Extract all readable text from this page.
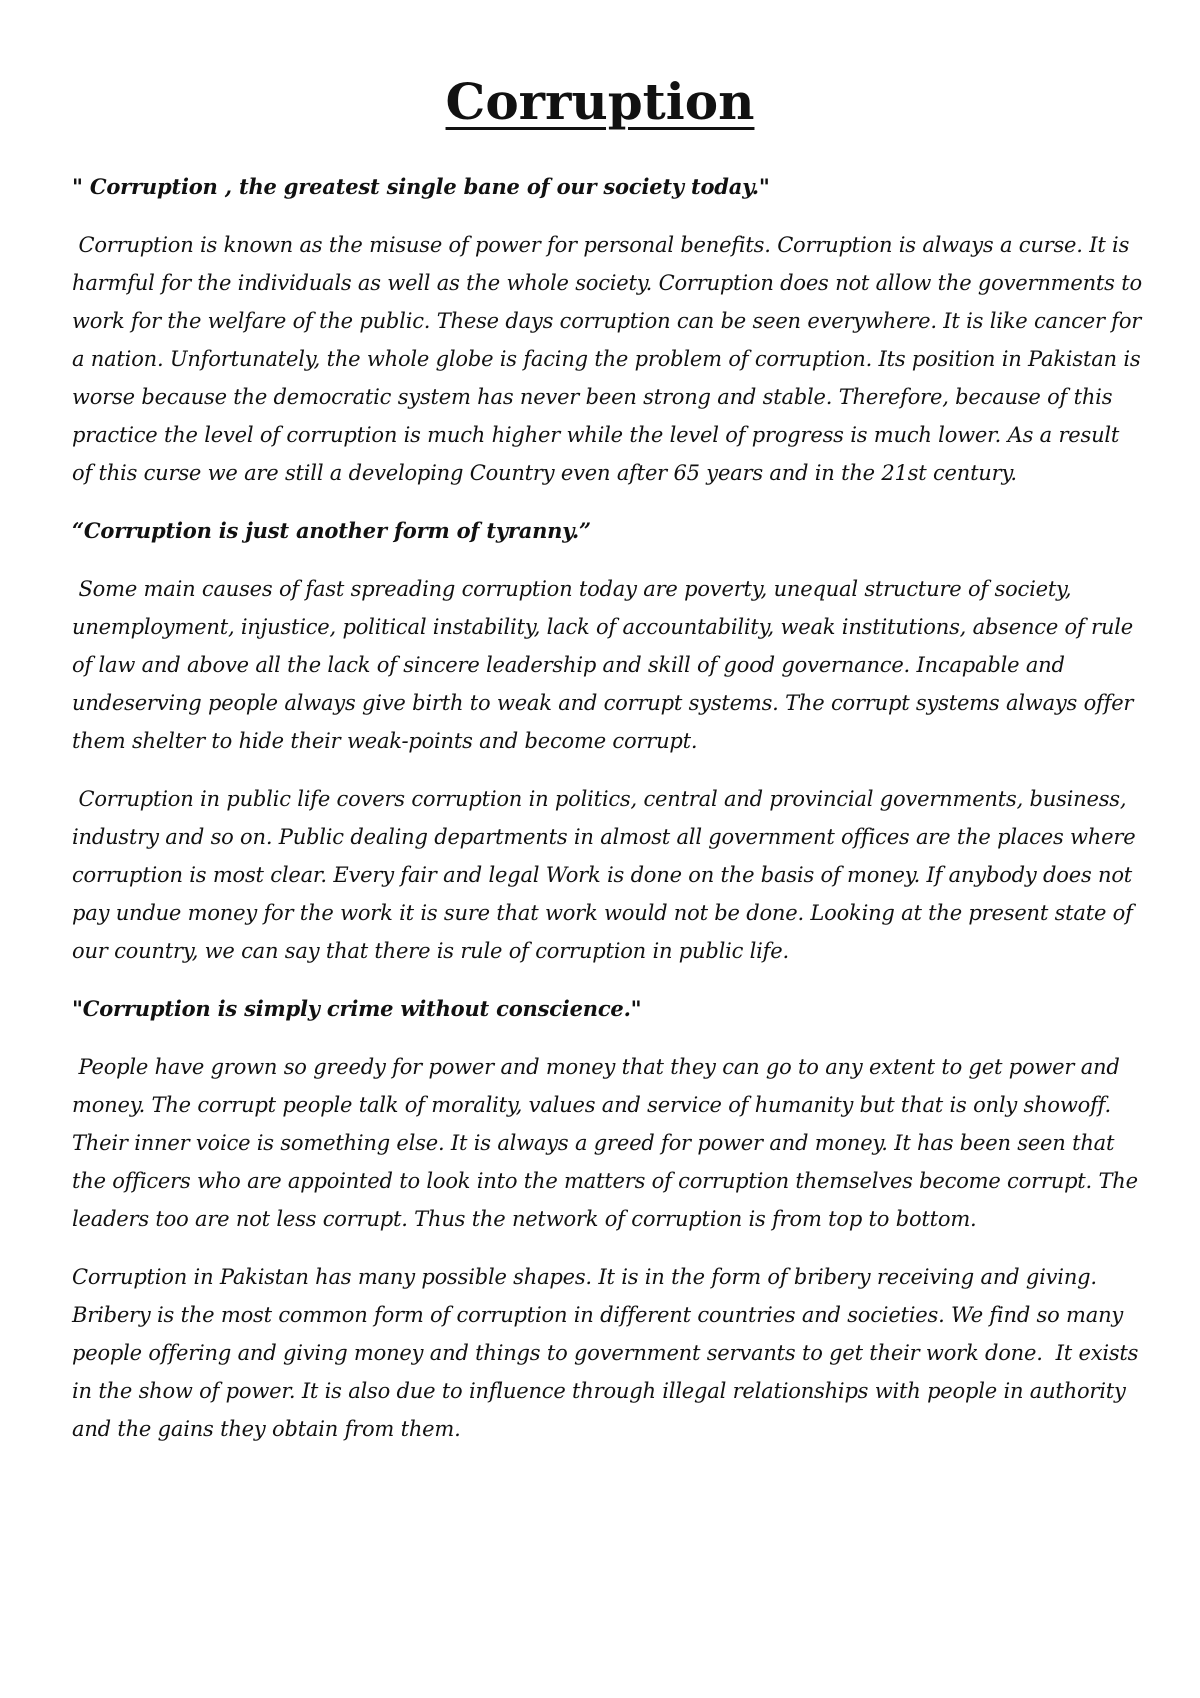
Corruption

" Corruption , the greatest single bane of our society today."

Corruption is known as the misuse of power for personal benefits. Corruption is always a curse. It is harmful for the individuals as well as the whole society. Corruption does not allow the governments to work for the welfare of the public. These days corruption can be seen everywhere. It is like cancer for a nation. Unfortunately, the whole globe is facing the problem of corruption. Its position in Pakistan is worse because the democratic system has never been strong and stable. Therefore, because of this practice the level of corruption is much higher while the level of progress is much lower. As a result of this curse we are still a developing Country even after 65 years and in the 21st century.

“Corruption is just another form of tyranny.”

Some main causes of fast spreading corruption today are poverty, unequal structure of society, unemployment, injustice, political instability, lack of accountability, weak institutions, absence of rule of law and above all the lack of sincere leadership and skill of good governance. Incapable and  undeserving people always give birth to weak and corrupt systems. The corrupt systems always offer them shelter to hide their weak-points and become corrupt.

Corruption in public life covers corruption in politics, central and provincial governments, business, industry and so on. Public dealing departments in almost all government offices are the places where corruption is most clear. Every fair and legal Work is done on the basis of money. If anybody does not pay undue money for the work it is sure that work would not be done. Looking at the present state of our country, we can say that there is rule of corruption in public life.

"Corruption is simply crime without conscience."

People have grown so greedy for power and money that they can go to any extent to get power and money. The corrupt people talk of morality, values and service of humanity but that is only showoff. Their inner voice is something else. It is always a greed for power and money. It has been seen that the officers who are appointed to look into the matters of corruption themselves become corrupt. The leaders too are not less corrupt. Thus the network of corruption is from top to bottom.

Corruption in Pakistan has many possible shapes. It is in the form of bribery receiving and giving. Bribery is the most common form of corruption in different countries and societies. We find so many people offering and giving money and things to government servants to get their work done.  It exists in the show of power. It is also due to influence through illegal relationships with people in authority and the gains they obtain from them.
